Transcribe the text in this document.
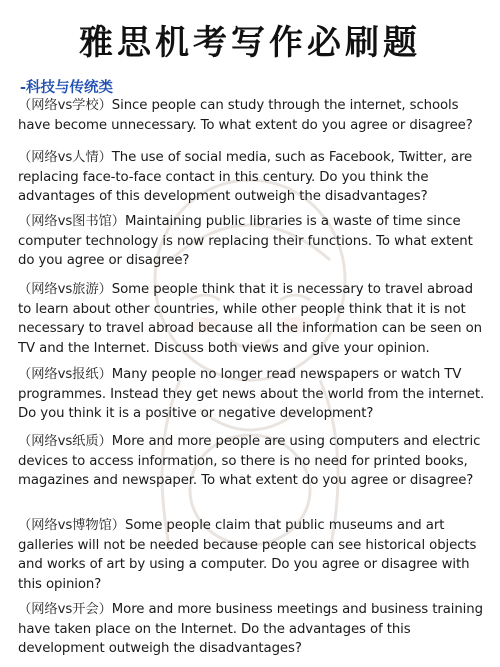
雅思机考写作必刷题
-科技与传统类
（网络vs学校）Since people can study through the internet, schools have become unnecessary. To what extent do you agree or disagree?
（网络vs人情）The use of social media, such as Facebook, Twitter, are replacing face-to-face contact in this century. Do you think the advantages of this development outweigh the disadvantages?
（网络vs图书馆）Maintaining public libraries is a waste of time since computer technology is now replacing their functions. To what extent do you agree or disagree?
（网络vs旅游）Some people think that it is necessary to travel abroad to learn about other countries, while other people think that it is not necessary to travel abroad because all the information can be seen on TV and the Internet. Discuss both views and give your opinion.
（网络vs报纸）Many people no longer read newspapers or watch TV programmes. Instead they get news about the world from the internet. Do you think it is a positive or negative development?
（网络vs纸质）More and more people are using computers and electric devices to access information, so there is no need for printed books, magazines and newspaper. To what extent do you agree or disagree?
（网络vs博物馆）Some people claim that public museums and art galleries will not be needed because people can see historical objects and works of art by using a computer. Do you agree or disagree with this opinion?
（网络vs开会）More and more business meetings and business training have taken place on the Internet. Do the advantages of this development outweigh the disadvantages?
